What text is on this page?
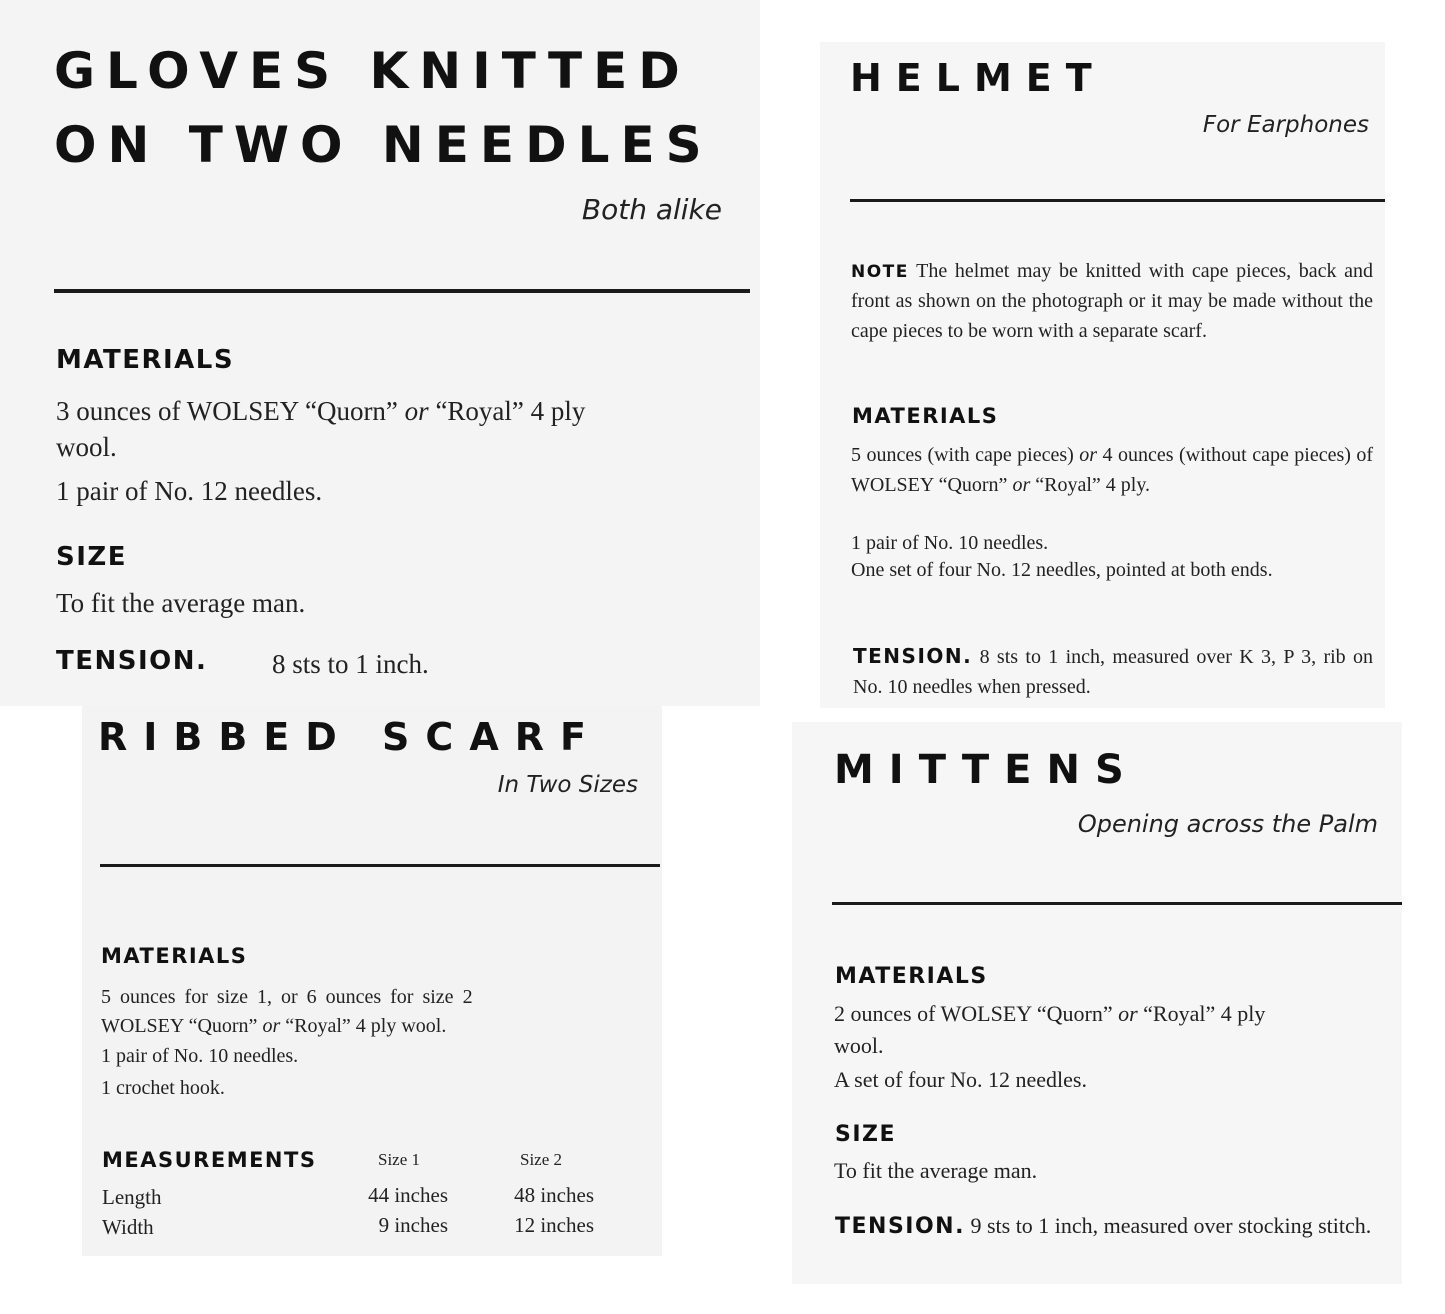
GLOVES KNITTED
ON TWO NEEDLES
Both alike
MATERIALS
3 ounces of WOLSEY “Quorn” or “Royal” 4 ply
wool.
1 pair of No. 12 needles.
SIZE
To fit the average man.
TENSION. 8 sts to 1 inch.
HELMET
For Earphones
NOTE The helmet may be knitted with cape pieces, back and front as shown on the photograph or it may be made without the cape pieces to be worn with a separate scarf.
MATERIALS
5 ounces (with cape pieces) or 4 ounces (without cape pieces) of WOLSEY “Quorn” or “Royal” 4 ply.
1 pair of No. 10 needles.
One set of four No. 12 needles, pointed at both ends.
TENSION. 8 sts to 1 inch, measured over K 3, P 3, rib on No. 10 needles when pressed.
RIBBED SCARF
In Two Sizes
MATERIALS
5 ounces for size 1, or 6 ounces for size 2
WOLSEY “Quorn” or “Royal” 4 ply wool.
1 pair of No. 10 needles.
1 crochet hook.
MEASUREMENTS	Size 1	Size 2
Length	44 inches	48 inches
Width	9 inches	12 inches
MITTENS
Opening across the Palm
MATERIALS
2 ounces of WOLSEY “Quorn” or “Royal” 4 ply
wool.
A set of four No. 12 needles.
SIZE
To fit the average man.
TENSION. 9 sts to 1 inch, measured over stocking stitch.
